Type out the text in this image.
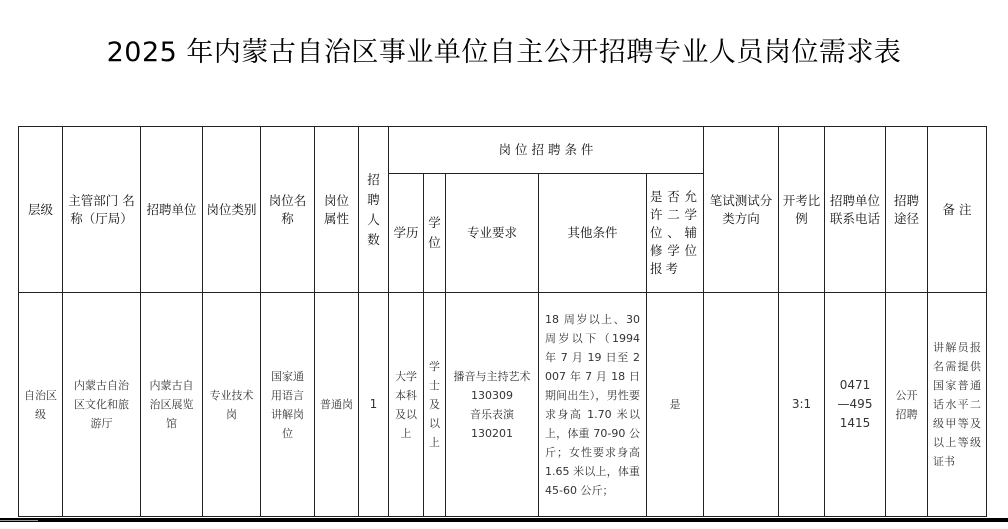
2025 年内蒙古自治区事业单位自主公开招聘专业人员岗位需求表
层级	主管部门 名称（厅局）	招聘单位	岗位类别	岗位名称	岗位属性	招聘人数	岗 位 招 聘 条 件					笔试测试分类方向	开考比例	招聘单位联系电话	招聘途径	备 注
							学历	学位	专业要求	其他条件	是否允许二学位、辅修学位报考					
自治区级	内蒙古自治区文化和旅游厅	内蒙古自治区展览馆	专业技术岗	国家通用语言讲解岗位	普通岗	1	大学本科及以上	学士及以上	播音与主持艺术
130309
音乐表演
130201	18 周岁以上、30 周岁以下（1994 年 7 月 19 日至 2007 年 7 月 18 日期间出生），男性要求身高 1.70 米以上，体重 70-90 公斤；女性要求身高 1.65 米以上，体重 45-60 公斤；	是		3:1	0471—4951415	公开招聘	讲解员报名需提供国家普通话水平二级甲等及以上等级证书
